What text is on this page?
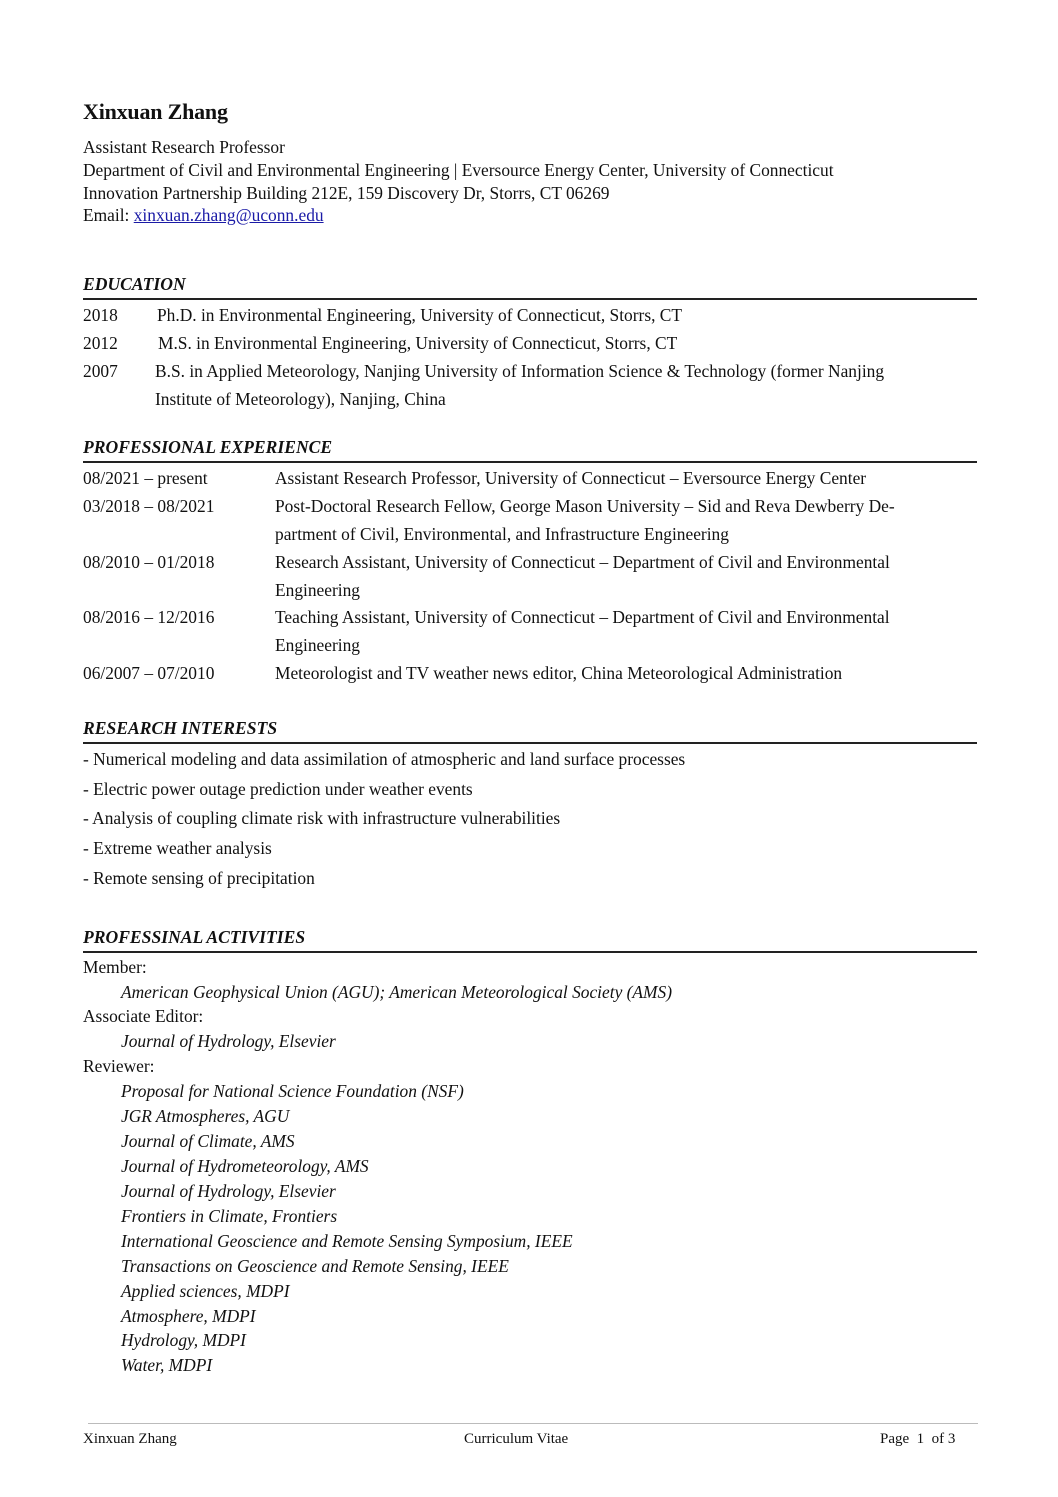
Xinxuan Zhang
Assistant Research Professor
Department of Civil and Environmental Engineering | Eversource Energy Center, University of Connecticut
Innovation Partnership Building 212E, 159 Discovery Dr, Storrs, CT 06269
Email: xinxuan.zhang@uconn.edu
EDUCATION
2018 Ph.D. in Environmental Engineering, University of Connecticut, Storrs, CT
2012 M.S. in Environmental Engineering, University of Connecticut, Storrs, CT
2007 B.S. in Applied Meteorology, Nanjing University of Information Science & Technology (former Nanjing
Institute of Meteorology), Nanjing, China
PROFESSIONAL EXPERIENCE
08/2021 – present	Assistant Research Professor, University of Connecticut – Eversource Energy Center
03/2018 – 08/2021	Post-Doctoral Research Fellow, George Mason University – Sid and Reva Dewberry De-
partment of Civil, Environmental, and Infrastructure Engineering
08/2010 – 01/2018	Research Assistant, University of Connecticut – Department of Civil and Environmental
Engineering
08/2016 – 12/2016	Teaching Assistant, University of Connecticut – Department of Civil and Environmental
Engineering
06/2007 – 07/2010	Meteorologist and TV weather news editor, China Meteorological Administration
RESEARCH INTERESTS
- Numerical modeling and data assimilation of atmospheric and land surface processes
- Electric power outage prediction under weather events
- Analysis of coupling climate risk with infrastructure vulnerabilities
- Extreme weather analysis
- Remote sensing of precipitation
PROFESSINAL ACTIVITIES
Member:
American Geophysical Union (AGU); American Meteorological Society (AMS)
Associate Editor:
Journal of Hydrology, Elsevier
Reviewer:
Proposal for National Science Foundation (NSF)
JGR Atmospheres, AGU
Journal of Climate, AMS
Journal of Hydrometeorology, AMS
Journal of Hydrology, Elsevier
Frontiers in Climate, Frontiers
International Geoscience and Remote Sensing Symposium, IEEE
Transactions on Geoscience and Remote Sensing, IEEE
Applied sciences, MDPI
Atmosphere, MDPI
Hydrology, MDPI
Water, MDPI
Xinxuan Zhang	Curriculum Vitae	Page  1  of 3
